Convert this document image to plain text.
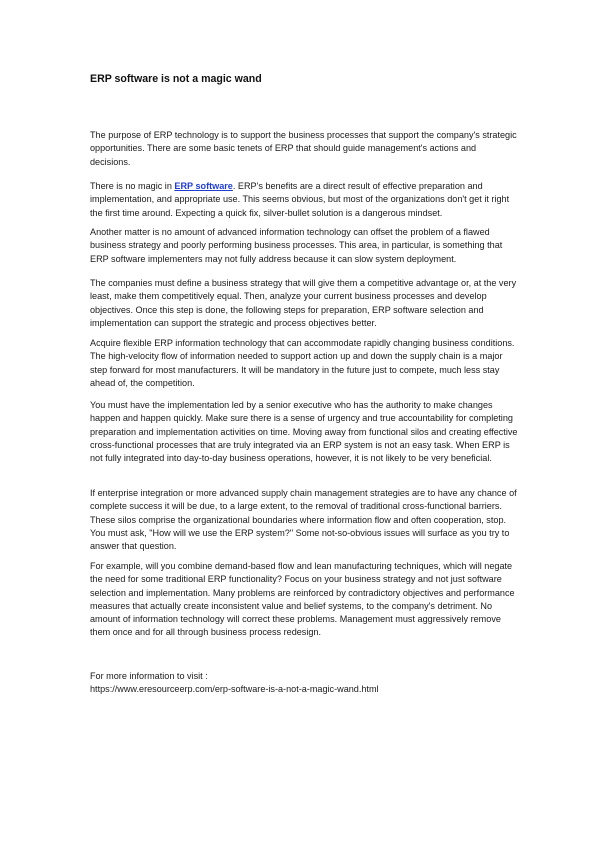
ERP software is not a magic wand

The purpose of ERP technology is to support the business processes that support the company's strategic opportunities. There are some basic tenets of ERP that should guide management's actions and decisions.

There is no magic in ERP software. ERP's benefits are a direct result of effective preparation and implementation, and appropriate use. This seems obvious, but most of the organizations don't get it right the first time around. Expecting a quick fix, silver-bullet solution is a dangerous mindset.

Another matter is no amount of advanced information technology can offset the problem of a flawed business strategy and poorly performing business processes. This area, in particular, is something that ERP software implementers may not fully address because it can slow system deployment.

The companies must define a business strategy that will give them a competitive advantage or, at the very least, make them competitively equal. Then, analyze your current business processes and develop objectives. Once this step is done, the following steps for preparation, ERP software selection and implementation can support the strategic and process objectives better.

Acquire flexible ERP information technology that can accommodate rapidly changing business conditions. The high-velocity flow of information needed to support action up and down the supply chain is a major step forward for most manufacturers. It will be mandatory in the future just to compete, much less stay ahead of, the competition.

You must have the implementation led by a senior executive who has the authority to make changes happen and happen quickly. Make sure there is a sense of urgency and true accountability for completing preparation and implementation activities on time. Moving away from functional silos and creating effective cross-functional processes that are truly integrated via an ERP system is not an easy task. When ERP is not fully integrated into day-to-day business operations, however, it is not likely to be very beneficial.

If enterprise integration or more advanced supply chain management strategies are to have any chance of complete success it will be due, to a large extent, to the removal of traditional cross-functional barriers. These silos comprise the organizational boundaries where information flow and often cooperation, stop. You must ask, "How will we use the ERP system?" Some not-so-obvious issues will surface as you try to answer that question.

For example, will you combine demand-based flow and lean manufacturing techniques, which will negate the need for some traditional ERP functionality? Focus on your business strategy and not just software selection and implementation. Many problems are reinforced by contradictory objectives and performance measures that actually create inconsistent value and belief systems, to the company's detriment. No amount of information technology will correct these problems. Management must aggressively remove them once and for all through business process redesign.

For more information to visit :
https://www.eresourceerp.com/erp-software-is-a-not-a-magic-wand.html
